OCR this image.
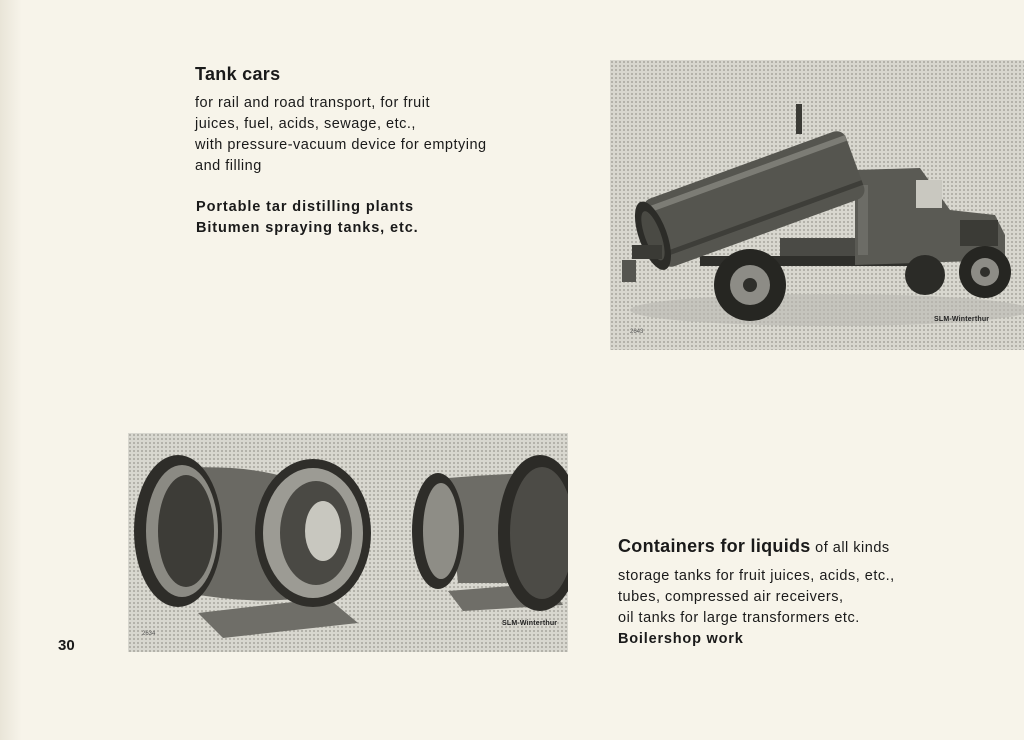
Tank cars
for rail and road transport, for fruit
juices, fuel, acids, sewage, etc.,
with pressure-vacuum device for emptying
and filling
Portable tar distilling plants
Bitumen spraying tanks, etc.
2643
SLM-Winterthur
2634
SLM-Winterthur
Containers for liquids of all kinds
storage tanks for fruit juices, acids, etc.,
tubes, compressed air receivers,
oil tanks for large transformers etc.
Boilershop work
30
